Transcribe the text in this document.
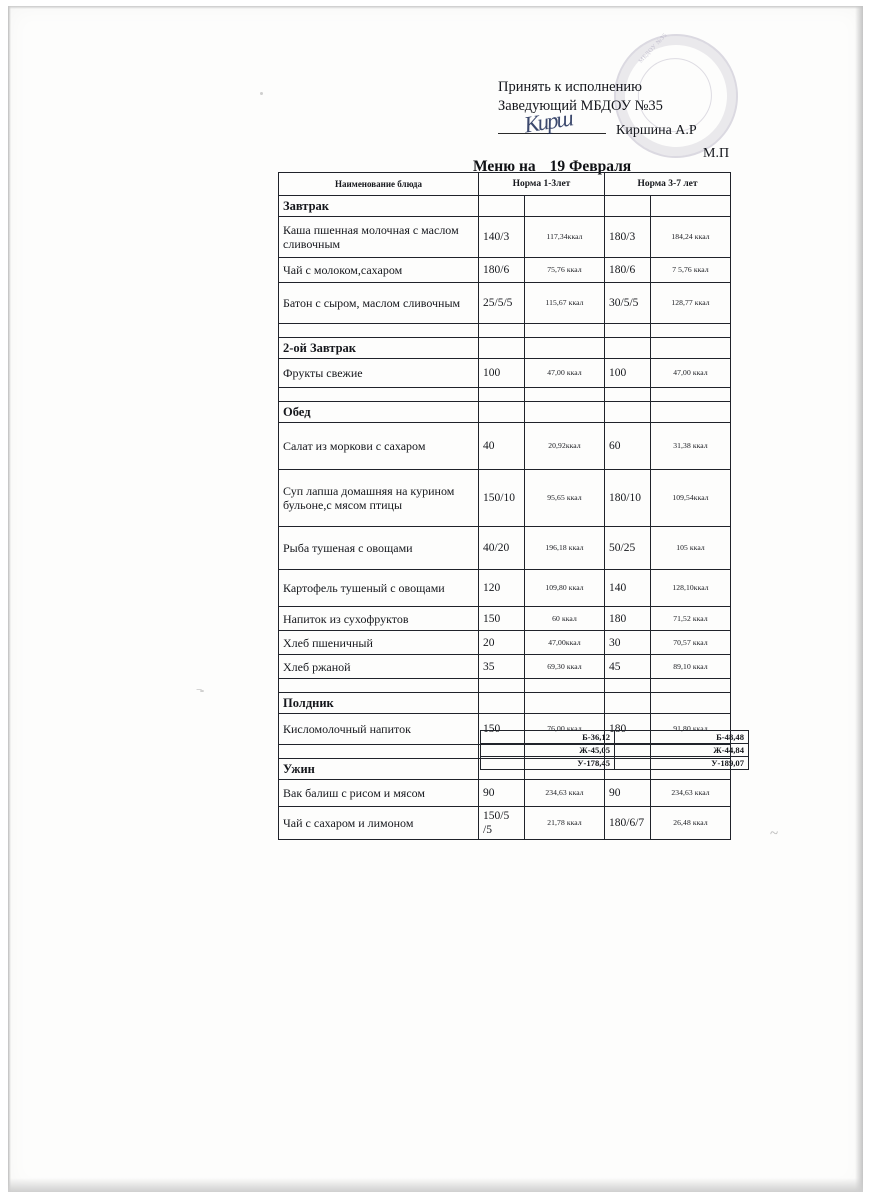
−
~
МБДОУ №35
Принять к исполнению
Заведующий МБДОУ №35
Кирш	Киршина А.Р
М.П
Меню на 19 Февраля
Наименование блюда	Норма 1-3лет		Норма 3-7 лет	
Завтрак				
Каша пшенная молочная с маслом сливочным	140/3	117,34ккал	180/3	184,24 ккал
Чай с молоком,сахаром	180/6	75,76 ккал	180/6	7 5,76 ккал
Батон с сыром, маслом сливочным	25/5/5	115,67 ккал	30/5/5	128,77 ккал

2-ой Завтрак				
Фрукты свежие	100	47,00 ккал	100	47,00 ккал

Обед				
Салат из моркови с сахаром	40	20,92ккал	60	31,38 ккал
Суп лапша домашняя на курином бульоне,с мясом птицы	150/10	95,65 ккал	180/10	109,54ккал
Рыба тушеная с овощами	40/20	196,18 ккал	50/25	105 ккал
Картофель тушеный с овощами	120	109,80 ккал	140	128,10ккал
Напиток из сухофруктов	150	60 ккал	180	71,52 ккал
Хлеб пшеничный	20	47,00ккал	30	70,57 ккал
Хлеб ржаной	35	69,30 ккал	45	89,10 ккал

Полдник				
Кисломолочный напиток	150	76,00 ккал	180	91,80 ккал

Ужин				
Вак балиш с рисом и мясом	90	234,63 ккал	90	234,63 ккал
Чай с сахаром и лимоном	150/5 /5	21,78 ккал	180/6/7	26,48 ккал
Б-36,12	Б-48,48
Ж-45,05	Ж-44,84
У-178,45	У-189,07
